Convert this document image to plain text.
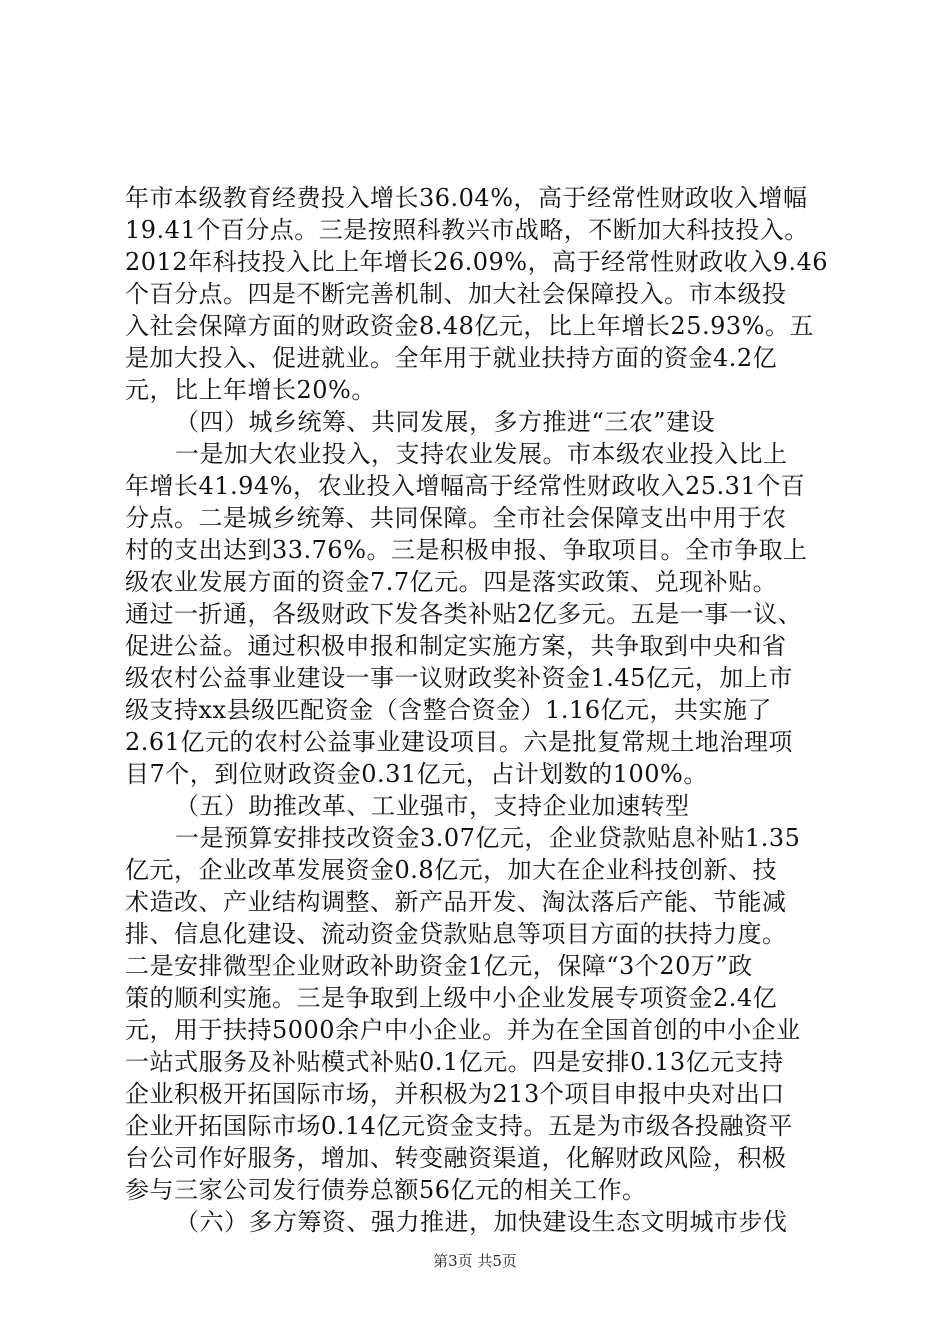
年市本级教育经费投入增长36.04%，高于经常性财政收入增幅
19.41个百分点。三是按照科教兴市战略，不断加大科技投入。
2012年科技投入比上年增长26.09%，高于经常性财政收入9.46
个百分点。四是不断完善机制、加大社会保障投入。市本级投
入社会保障方面的财政资金8.48亿元，比上年增长25.93%。五
是加大投入、促进就业。全年用于就业扶持方面的资金4.2亿
元，比上年增长20%。
（四）城乡统筹、共同发展，多方推进“三农”建设
一是加大农业投入，支持农业发展。市本级农业投入比上
年增长41.94%，农业投入增幅高于经常性财政收入25.31个百
分点。二是城乡统筹、共同保障。全市社会保障支出中用于农
村的支出达到33.76%。三是积极申报、争取项目。全市争取上
级农业发展方面的资金7.7亿元。四是落实政策、兑现补贴。
通过一折通，各级财政下发各类补贴2亿多元。五是一事一议、
促进公益。通过积极申报和制定实施方案，共争取到中央和省
级农村公益事业建设一事一议财政奖补资金1.45亿元，加上市
级支持xx县级匹配资金（含整合资金）1.16亿元，共实施了
2.61亿元的农村公益事业建设项目。六是批复常规土地治理项
目7个，到位财政资金0.31亿元，占计划数的100%。
（五）助推改革、工业强市，支持企业加速转型
一是预算安排技改资金3.07亿元，企业贷款贴息补贴1.35
亿元，企业改革发展资金0.8亿元，加大在企业科技创新、技
术造改、产业结构调整、新产品开发、淘汰落后产能、节能减
排、信息化建设、流动资金贷款贴息等项目方面的扶持力度。
二是安排微型企业财政补助资金1亿元，保障“3个20万”政
策的顺利实施。三是争取到上级中小企业发展专项资金2.4亿
元，用于扶持5000余户中小企业。并为在全国首创的中小企业
一站式服务及补贴模式补贴0.1亿元。四是安排0.13亿元支持
企业积极开拓国际市场，并积极为213个项目申报中央对出口
企业开拓国际市场0.14亿元资金支持。五是为市级各投融资平
台公司作好服务，增加、转变融资渠道，化解财政风险，积极
参与三家公司发行债券总额56亿元的相关工作。
（六）多方筹资、强力推进，加快建设生态文明城市步伐
第3页 共5页
